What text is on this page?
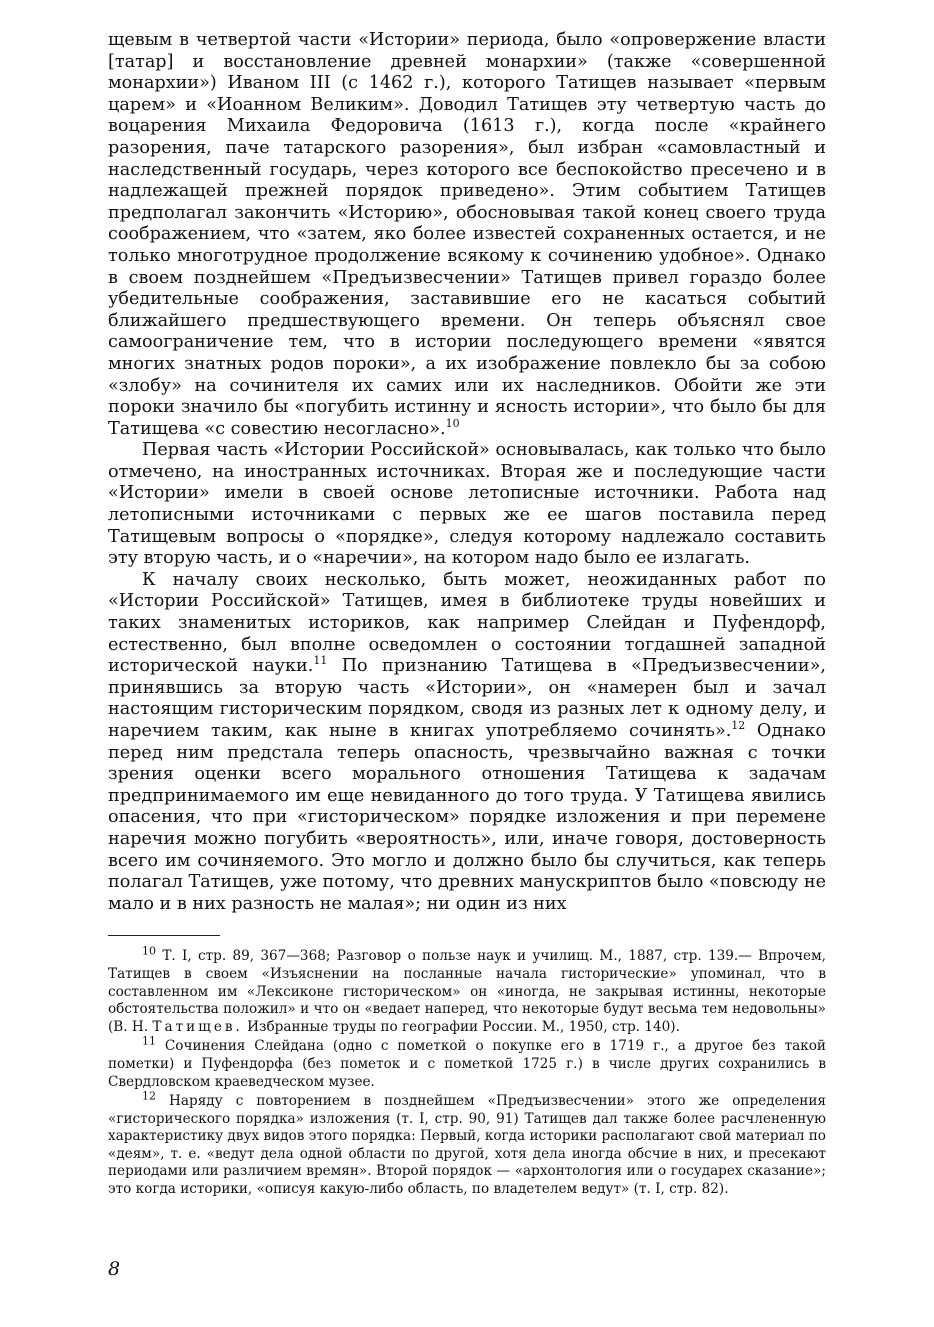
щевым в четвертой части «Истории» периода, было «опровержение власти [татар] и восстановление древней монархии» (также «совершенной монархии») Иваном III (с 1462 г.), которого Татищев называет «первым царем» и «Иоанном Великим». Доводил Татищев эту четвертую часть до воцарения Михаила Федоровича (1613 г.), когда после «крайнего разорения, паче татарского разорения», был избран «самовластный и наследственный государь, через которого все беспокойство пресечено и в надлежащей прежней порядок приведено». Этим событием Татищев предполагал закончить «Историю», обосновывая такой конец своего труда соображением, что «затем, яко более известей сохраненных остается, и не только многотрудное продолжение всякому к сочинению удобное». Однако в своем позднейшем «Предъизвесчении» Татищев привел гораздо более убедительные соображения, заставившие его не касаться событий ближайшего предшествующего времени. Он теперь объяснял свое самоограничение тем, что в истории последующего времени «явятся многих знатных родов пороки», а их изображение повлекло бы за собою «злобу» на сочинителя их самих или их наследников. Обойти же эти пороки значило бы «погубить истинну и ясность истории», что было бы для Татищева «с совестию несогласно».$^{10}$

Первая часть «Истории Российской» основывалась, как только что было отмечено, на иностранных источниках. Вторая же и последующие части «Истории» имели в своей основе летописные источники. Работа над летописными источниками с первых же ее шагов поставила перед Татищевым вопросы о «порядке», следуя которому надлежало составить эту вторую часть, и о «наречии», на котором надо было ее излагать.

К началу своих несколько, быть может, неожиданных работ по «Истории Российской» Татищев, имея в библиотеке труды новейших и таких знаменитых историков, как например Слейдан и Пуфендорф, естественно, был вполне осведомлен о состоянии тогдашней западной исторической науки.$^{11}$ По признанию Татищева в «Предъизвесчении», принявшись за вторую часть «Истории», он «намерен был и зачал настоящим гисторическим порядком, сводя из разных лет к одному делу, и наречием таким, как ныне в книгах употребляемо сочинять».$^{12}$ Однако перед ним предстала теперь опасность, чрезвычайно важная с точки зрения оценки всего морального отношения Татищева к задачам предпринимаемого им еще невиданного до того труда. У Татищева явились опасения, что при «гисторическом» порядке изложения и при перемене наречия можно погубить «вероятность», или, иначе говоря, достоверность всего им сочиняемого. Это могло и должно было бы случиться, как теперь полагал Татищев, уже потому, что древних манускриптов было «повсюду не мало и в них разность не малая»; ни один из них

$^{10}$ Т. I, стр. 89, 367—368; Разговор о пользе наук и училищ. М., 1887, стр. 139.— Впрочем, Татищев в своем «Изъяснении на посланные начала гисторические» упоминал, что в составленном им «Лексиконе гисторическом» он «иногда, не закрывая истинны, некоторые обстоятельства положил» и что он «ведает наперед, что некоторые будут весьма тем недовольны» (В. Н. Татищев. Избранные труды по географии России. М., 1950, стр. 140).

$^{11}$ Сочинения Слейдана (одно с пометкой о покупке его в 1719 г., а другое без такой пометки) и Пуфендорфа (без пометок и с пометкой 1725 г.) в числе других сохранились в Свердловском краеведческом музее.

$^{12}$ Наряду с повторением в позднейшем «Предъизвесчении» этого же определения «гисторического порядка» изложения (т. I, стр. 90, 91) Татищев дал также более расчлененную характеристику двух видов этого порядка: Первый, когда историки располагают свой материал по «деям», т. е. «ведут дела одной области по другой, хотя дела иногда обсчие в них, и пресекают периодами или различием времян». Второй порядок — «архонтология или о государех сказание»; это когда историки, «описуя какую-либо область, по владетелем ведут» (т. I, стр. 82).

8
